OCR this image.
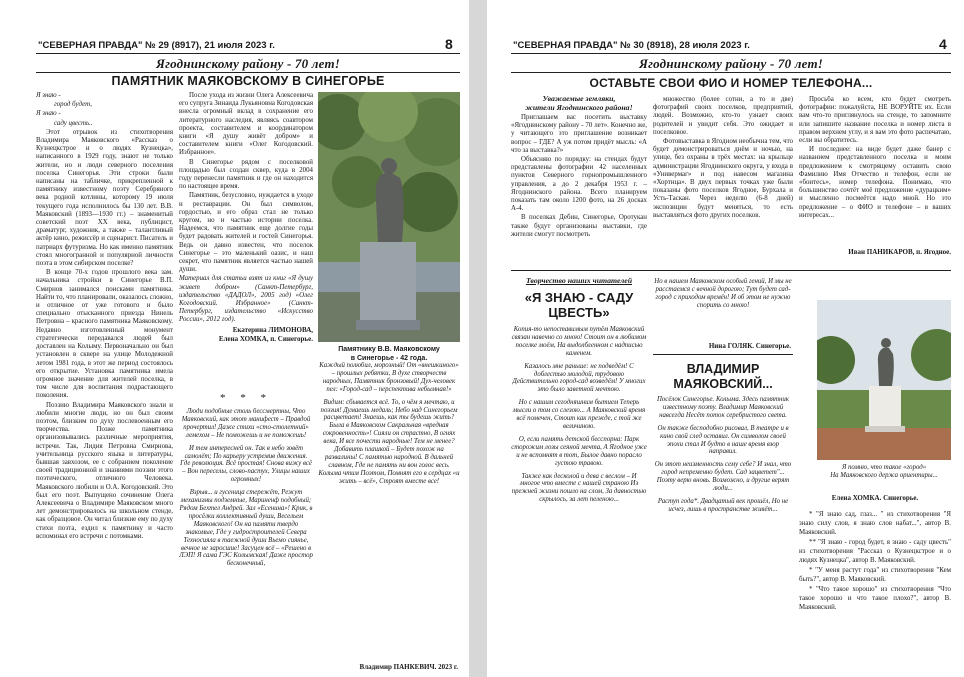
"СЕВЕРНАЯ ПРАВДА" № 29 (8917), 21 июля 2023 г.	8
Ягоднинскому району - 70 лет!
ПАМЯТНИК МАЯКОВСКОМУ В СИНЕГОРЬЕ

Я знаю -

город будет,

Я знаю -

саду цвесть..

Этот отрывок из стихотворения Владимира Маяковского «Рассказ о Кузнецкстрое и о людях Кузнецка», написанного в 1929 году, знают не только жители, но и люди северного поселения поселка Синегорья. Эти строки были написаны на табличке, прикрепленной к памятнику известному поэту Серебряного века родной котлины, которому 19 июля текущего года исполнилось бы 130 лет. В.В. Маяковский (1893—1930 гг.) – знаменитый советский поэт XX века, публицист, драматург, художник, а также – талантливый актёр кино, режиссёр и сценарист. Писатель и патриарх футуризма. Но как именно памятник стоял многогранной и популярной личности поэта в этом сибирском поселке?

В конце 70-х годов прошлого века зам. начальника стройки в Синегорье В.П. Смирнов занимался поисками памятника. Найти то, что планировали, оказалось сложно, и отличное от уже готового и было специально отысканного приезда Нинель Петровна – красного памятника Маяковскому. Недавно изготовленный монумент стратегически передавался людей был доставлен на Колыму. Первоначально он был установлен в сквере на улице Молодежной летом 1981 года, в этот же период состоялось его открытие. Установка памятника имела огромное значение для жителей поселка, в том числе для воспитания подрастающего поколения.

Поэзию Владимира Маяковского знали и любили многие люди, но он был своим поэтом, близким по духу послевоенным его творчества. Позже памятника организовывались различные мероприятия, встречи. Так, Лидия Петровна Смирнова, учительница русского языка и литературы, бывшая завхозом, ее с собранием поколение своей традиционной и знаниями поэзии этого поэтического, отличного Человека. Маяковского любили и О.А. Когодовский. Это был его поэт. Выпущено сочинение Олега Алексеевича о Владимире Маяковском много лет демонстрировалось на школьном стенде, как образцовое. Он читал близкие ему по духу стихи поэта, ездил к памятнику и часто вспоминал его встречи с потомками.

После ухода из жизни Олега Алексеевича его супруга Зинаида Лукьяновна Когодовская внесла огромный вклад в сохранение его литературного наследия, являясь соавтором проекта, составителем и координатором книги «Я душу живёт добром» и составителем книги «Олег Когодовский. Избранное».

В Синегорье рядом с поселковой площадью был создан сквер, куда в 2004 году перенесли памятник и где он находится по настоящее время.

Памятник, безусловно, нуждается в уходе и реставрации. Он был символом, гордостью, и его образ стал не только кругом, но и частью истории поселка. Надеемся, что памятник еще долгие годы будет радовать жителей и гостей Синегорья. Ведь он давно известен, что поселок Синегорье – это маленький оазис, и наш секрет, что памятник является частью нашей души.

Материал для статьи взят из книг «Я душу живет добром» (Санкт-Петербург, издательство «ДАДОЛ», 2005 год) «Олег Когодовский. Избранное» (Санкт-Петербург, издательство «Искусство России», 2012 год).

Екатерина ЛИМОНОВА,

Елена ХОМКА, п. Синегорье.

Памятнику В.В. Маяковскому
в Синегорье - 42 года.
* * *

Люди подобные столь бессмертны, Что Маяковский, как этот манифест – Правдой прочертил! Даже стихи «сто-столетний» лемехом – Не поможешь и не поможешь!

И тем интересней он. Так в небо зовёт самолёт; По карьеру устремив движения. Где революция. Всё простая! Снова вижу всё – Вон переселы, слово-пастух, Улицы наших огромных!

Взрыв... и гусеница стережёт, Режут механизмы подземные, Мариненф подобный; Рядом Бехтел Андрей. Зал «Есенина»! Крик, в просёлки коллективный души, Весельем Маяковского! Он на памяти твердо знакомые, Где у гидростроителей Севера Техносияла в таежной души Вьемо сиянье, вечное не заросшие! Засуцен всё – «Решено в ЛЭП! Я сама ГЭС Колымская! Даже простор бесконечный,

Каждый полюбил, морозный! От «внешкиного» – прошлых ребятки, В духе створчеств народных, Памятник бронзовый! Дух-человек пел: «Город-сад – перспектива небымная!»

Видим: сбывается всё. То, о чём я мечтаю, и поэзия! Думаешь медаль; Небо над Синегорьем расцветает! Знаешь, как ты будешь жить? Была в Маяковском Сакральная «вредная сокровенность»! Сияли он страстно, В огнях века, И все почести народные! Тем не менее? Добавить плашкой – Будет похож на развалины! С памятью народной. В дальней славном, Где не память ни вон голос весь. Колыма чтим Поэтом, Помнят его в сердцах «и жить – всё», Строят вместе все!

Владимир ПАНКЕВИЧ. 2023 г.
"СЕВЕРНАЯ ПРАВДА" № 30 (8918), 28 июля 2023 г.	4
Ягоднинскому району - 70 лет!
ОСТАВЬТЕ СВОИ ФИО И НОМЕР ТЕЛЕФОНА...
Уважаемые земляки,
жители Ягоднинского района!

Приглашаем вас посетить выставку «Ягоднинскому району - 70 лет». Конечно же, у читающего это приглашение возникает вопрос – ГДЕ? А уж потом придёт мысль: «А что за выставка?»

Объясняю по порядку: на стендах будут представлены фотографии 42 населенных пунктов Северного горнопромышленного управления, а до 2 декабря 1953 г. – Ягоднинского района. Всего планируем показать там около 1200 фото, на 26 досках А-4.

В поселках Дебин, Синегорье, Оротукан также будут организованы выставки, где жители смогут посмотреть

множество (более сотни, а то и две) фотографий своих поселков, предприятий, людей. Возможно, кто-то узнает своих родителей и увидит себя. Это ожидает и поселковое.

Фотовыставка в Ягодном необычна тем, что будет демонстрироваться днём и ночью, на улице, без охраны в трёх местах: на крыльце администрации Ягоднинского округа, у входа в «Универмаг» и под навесом магазина «Хортица». В двух первых точках уже были показаны фото поселков Ягодное, Бурхала и Усть-Таскан. Через неделю (6-8 дней) экспозиции будут меняться, то есть выставляться фото других поселков.

Просьба ко всем, кто будет смотреть фотографии: пожалуйста, НЕ ВОРУЙТЕ их. Если вам что-то приглянулось на стенде, то запомните или запишите название поселка и номер листа в правом верхнем углу, и я вам это фото распечатаю, если вы обратитесь.

И последнее: на виде будет даже банер с названием представленного поселка и моим предложением к смотрящему оставить свою Фамилию Имя Отчество и телефон, если не «боитесь», номер телефона. Понимаю, что большинство сочтёт моё предложение «дурацким» и мысленно посмеётся надо мной. Но это предложение – о ФИО и телефоне – в ваших интересах...

Иван ПАНИКАРОВ, п. Ягодное.
Творчество наших читателей
«Я ЗНАЮ - САДУ ЦВЕСТЬ»

Копия-то непоставимым путём Маяковский связан навечно со мною! Стоит он в любимом поселке моём, На выдолбленном с надписью каменем.

Казалось мне раньше: не подведём! С доблестью молодой, трудовою Действительно город-сад возведём! У многих это было заветной мечтою.

Но с нашим сегодняшним бытием Теперь мысли о том со слезою... А Маяковский время всё помечен, Стоит как прежде, с той же величиною.

О, если память детской бесспорна: Парк сторожим лозы сеяной мечта, А Ягодное уже и не вспомнят в тот, Былое давно порасло густою травою.

Также как десколой и дева с веслом – И многое что вместе с нашей страною Из прежней жизни пошло на слом, За давностью скрылось, за лет пеленою...

Но в нашем Маяковском особый гений, И мы не расстаемся с вечной дорогою; Тут будет сад-город с приходом времён! И об этом не нужно спорить со мною!

Нина ГОЛЯК. Синегорье.
ВЛАДИМИР МАЯКОВСКИЙ...

Посёлок Синегорье. Колыма. Здесь памятник известному поэту. Владимир Маяковский навсегда Несёт поток серебристого света.

Он также бесподобно рисовал, В театре и в кино свой след оставил. Он символом своей эпохи стал И будто в наше время взор направил.

Он этот неизменность сему себе? И знал, что город непременно будет. Сад зацветет"... Поэту верю вновь. Возможно, и другие верят люди...

Раступ года*. Двадцатый век прошёл, Но не исчез, лишь в пространстве живёт...

Я помню, что такое «город»
На Маяковского держа ориентиры...
Елена ХОМКА. Синегорье.

* "Я знаю сад, глаз... " из стихотворения "Я знаю силу слов, я знаю слов набат...", автор В. Маяковский.

** "Я знаю - город будет, я знаю - саду цвесть" из стихотворения "Рассказ о Кузнецкстрое и о людях Кузнецка", автор В. Маяковский.

* "У меня растут года" из стихотворения "Кем быть?", автор В. Маяковский.

* "Что такое хорошо" из стихотворения "Что такое хорошо и что такое плохо?", автор В. Маяковский.
